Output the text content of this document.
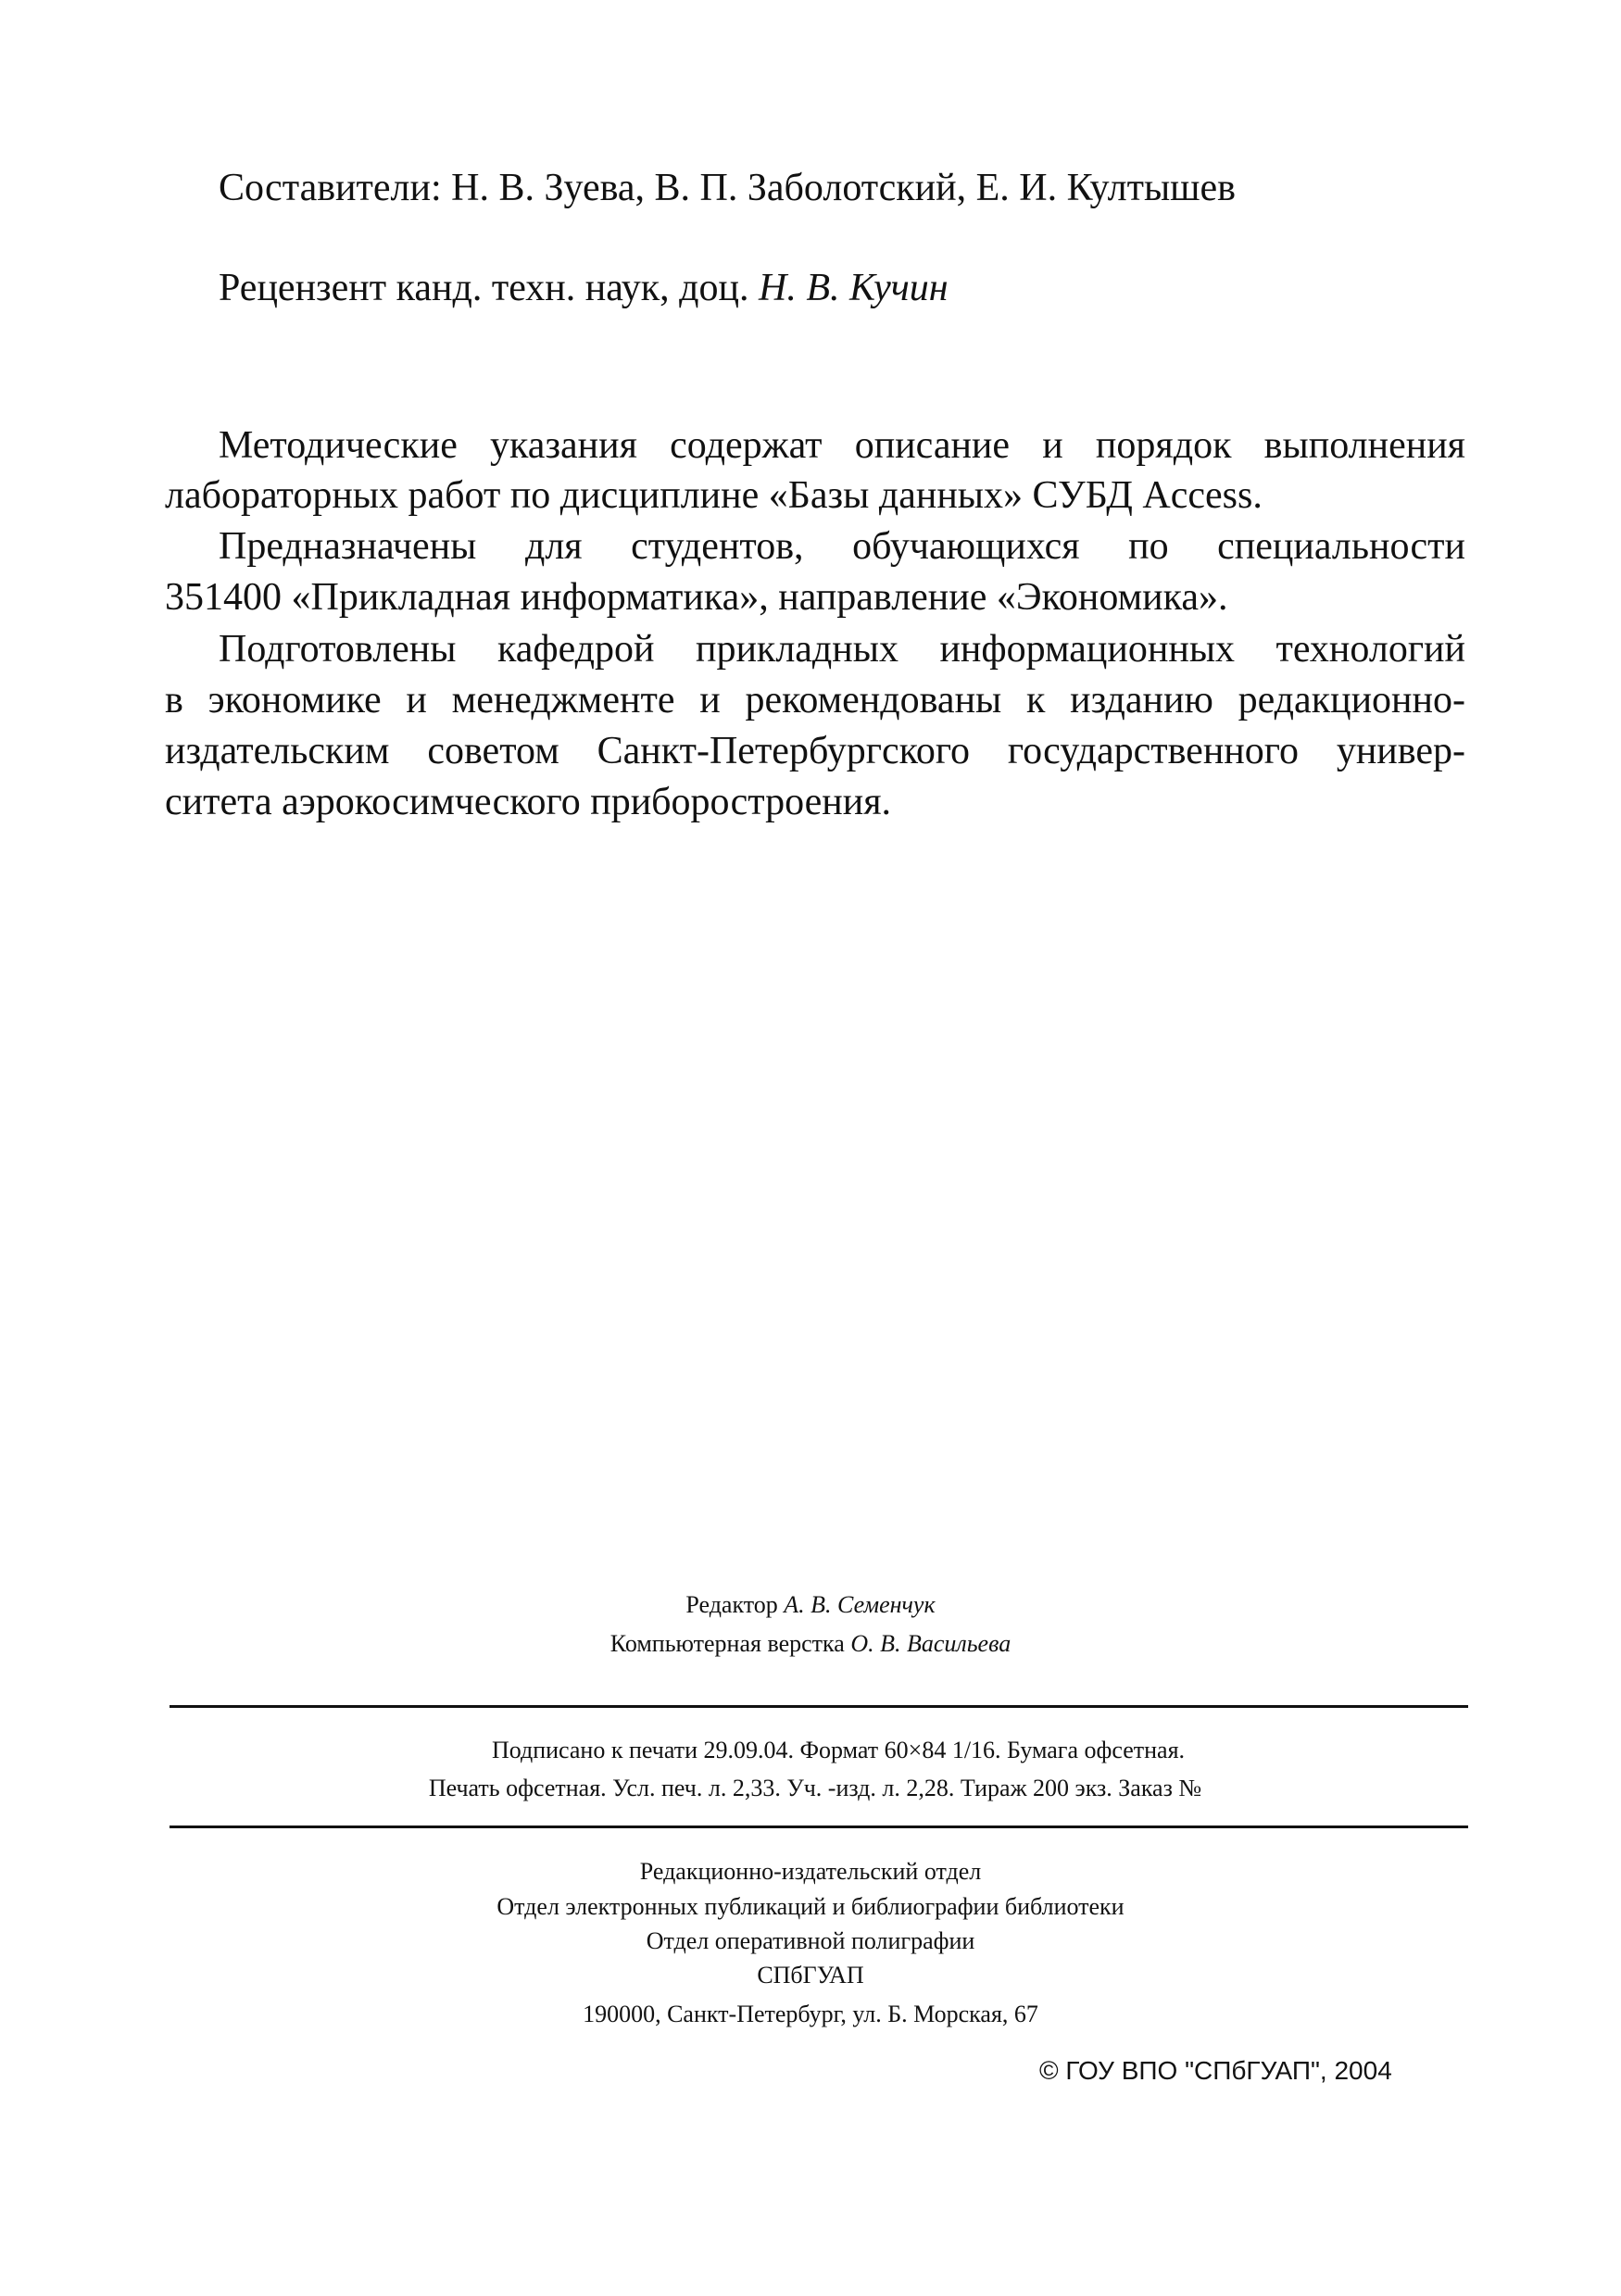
Составители: Н. В. Зуева, В. П. Заболотский, Е. И. Култышев

Рецензент канд. техн. наук, доц. Н. В. Кучин

Методические указания содержат описание и порядок выполнения

лабораторных работ по дисциплине «Базы данных» СУБД Access.

Предназначены для студентов, обучающихся по специальности

351400 «Прикладная информатика», направление «Экономика».

Подготовлены кафедрой прикладных информационных технологий

в экономике и менеджменте и рекомендованы к изданию редакционно-

издательским советом Санкт-Петербургского государственного универ-

ситета аэрокосимческого приборостроения.

Редактор А. В. Семенчук

Компьютерная верстка О. В. Васильева

Подписано к печати 29.09.04. Формат 60×84 1/16. Бумага офсетная.

Печать офсетная. Усл. печ. л. 2,33. Уч. -изд. л. 2,28. Тираж 200 экз. Заказ №

Редакционно-издательский отдел

Отдел электронных публикаций и библиографии библиотеки

Отдел оперативной полиграфии

СПбГУАП

190000, Санкт-Петербург, ул. Б. Морская, 67

© ГОУ ВПО "СПбГУАП", 2004
